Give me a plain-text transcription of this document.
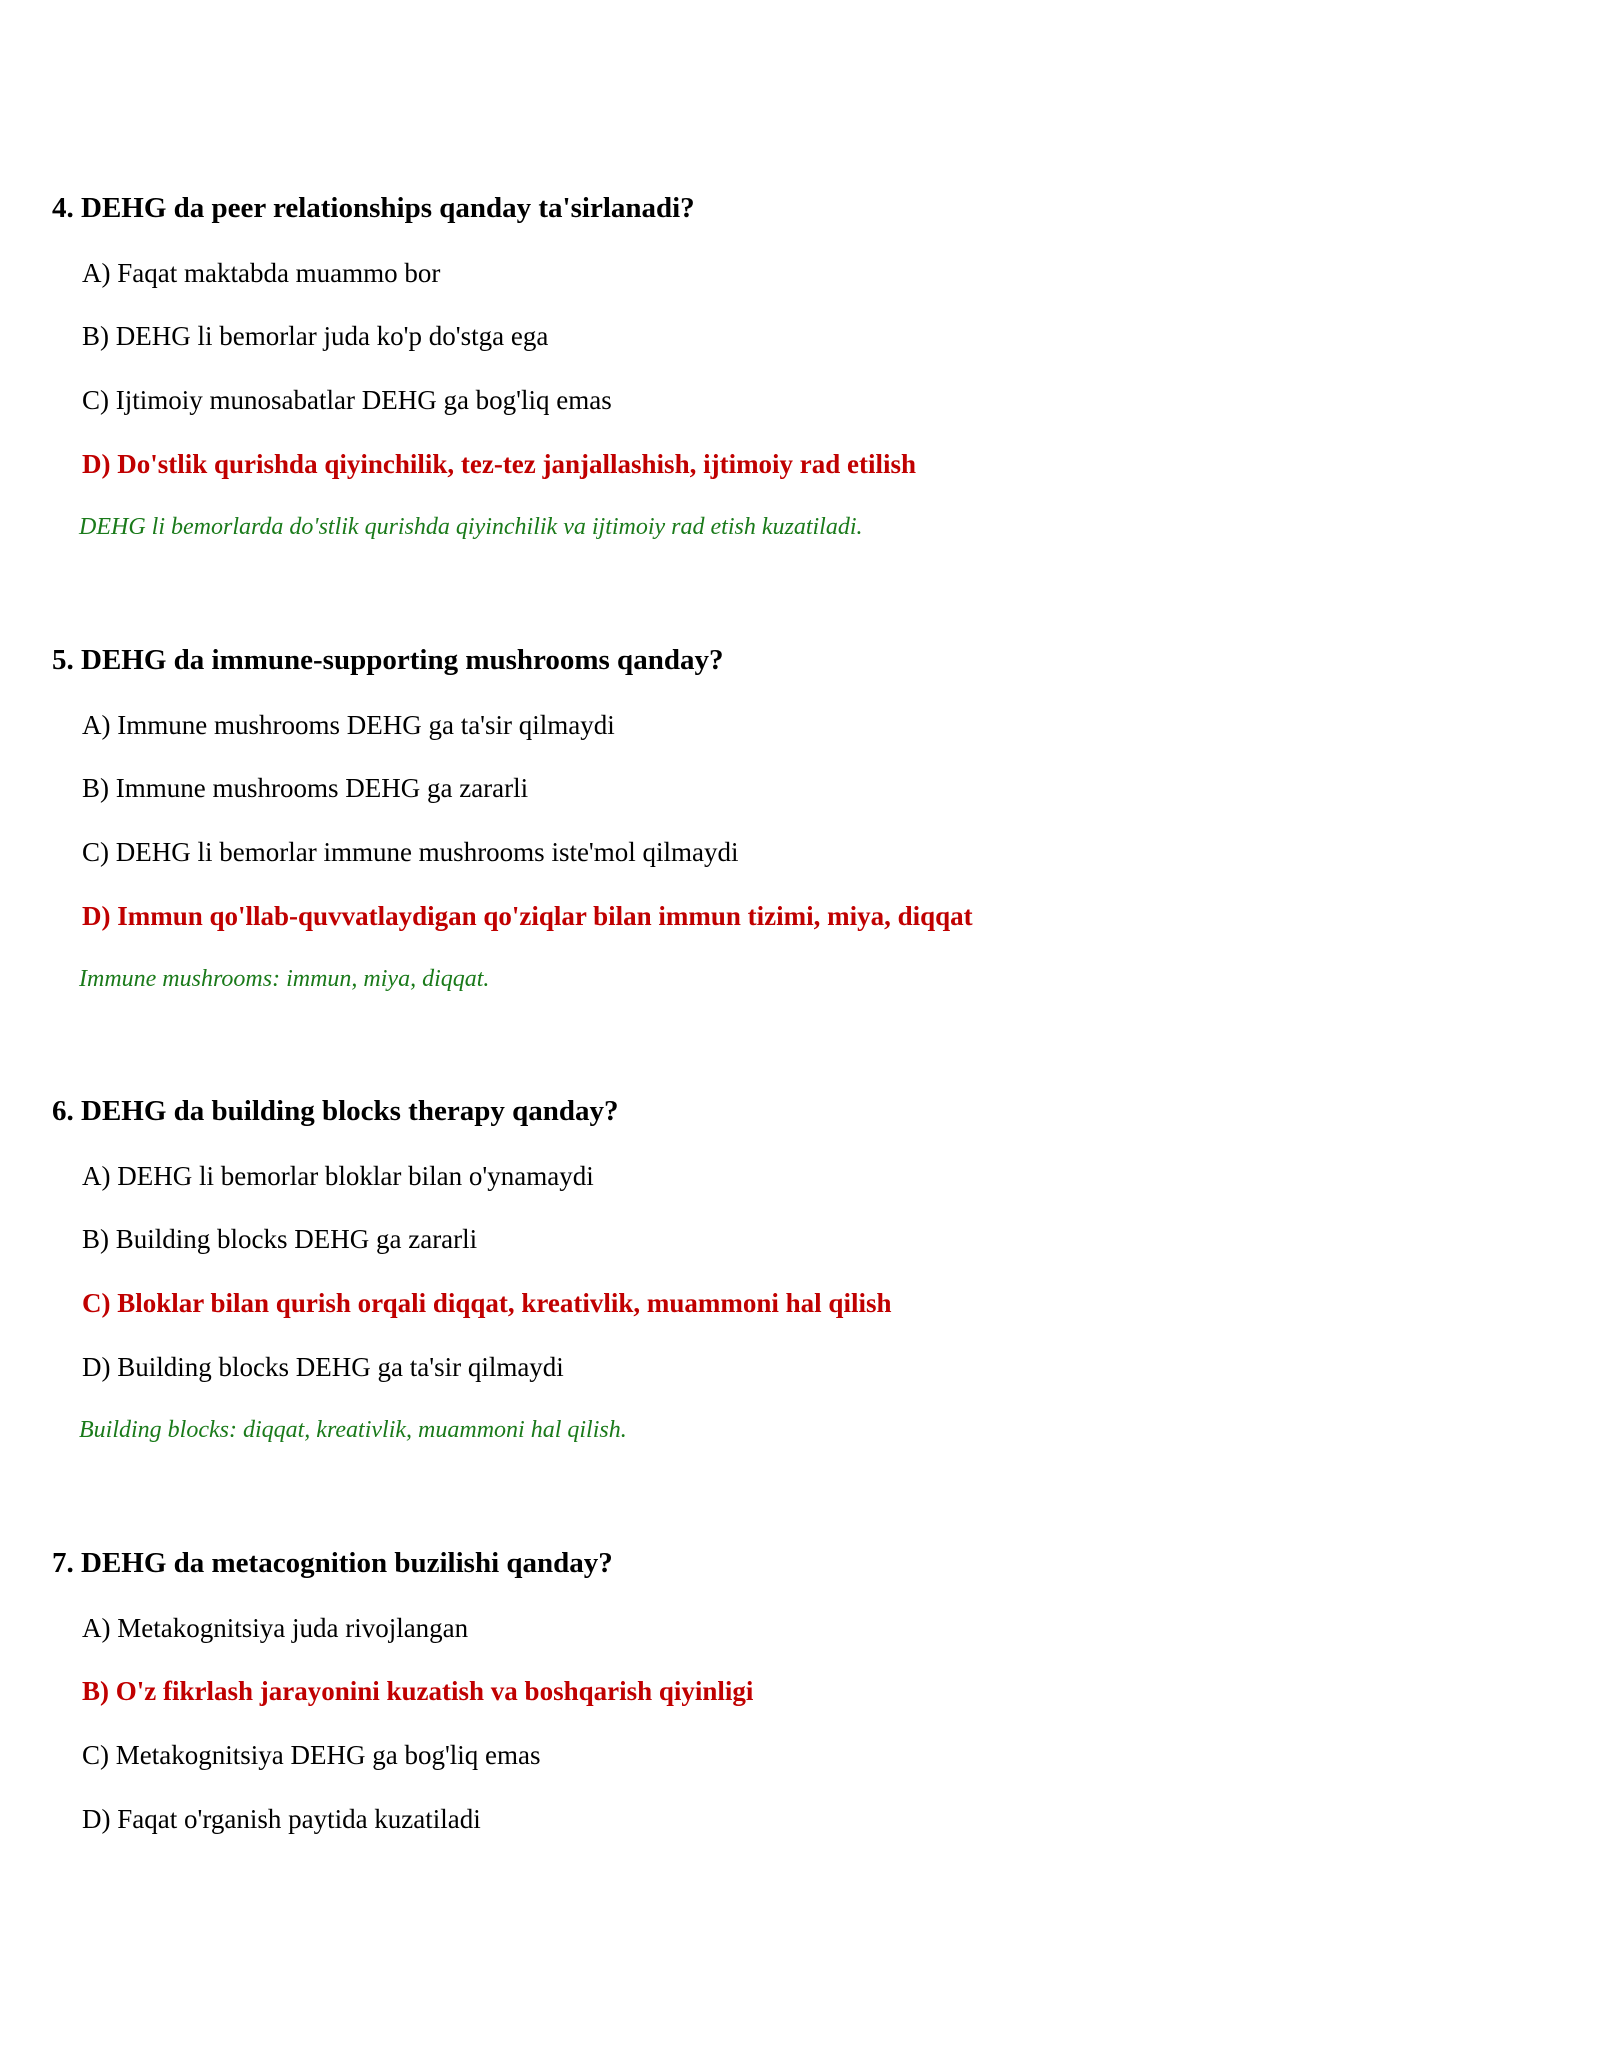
4. DEHG da peer relationships qanday ta'sirlanadi?
A) Faqat maktabda muammo bor
B) DEHG li bemorlar juda ko'p do'stga ega
C) Ijtimoiy munosabatlar DEHG ga bog'liq emas
D) Do'stlik qurishda qiyinchilik, tez-tez janjallashish, ijtimoiy rad etilish
DEHG li bemorlarda do'stlik qurishda qiyinchilik va ijtimoiy rad etish kuzatiladi.
5. DEHG da immune-supporting mushrooms qanday?
A) Immune mushrooms DEHG ga ta'sir qilmaydi
B) Immune mushrooms DEHG ga zararli
C) DEHG li bemorlar immune mushrooms iste'mol qilmaydi
D) Immun qo'llab-quvvatlaydigan qo'ziqlar bilan immun tizimi, miya, diqqat
Immune mushrooms: immun, miya, diqqat.
6. DEHG da building blocks therapy qanday?
A) DEHG li bemorlar bloklar bilan o'ynamaydi
B) Building blocks DEHG ga zararli
C) Bloklar bilan qurish orqali diqqat, kreativlik, muammoni hal qilish
D) Building blocks DEHG ga ta'sir qilmaydi
Building blocks: diqqat, kreativlik, muammoni hal qilish.
7. DEHG da metacognition buzilishi qanday?
A) Metakognitsiya juda rivojlangan
B) O'z fikrlash jarayonini kuzatish va boshqarish qiyinligi
C) Metakognitsiya DEHG ga bog'liq emas
D) Faqat o'rganish paytida kuzatiladi
